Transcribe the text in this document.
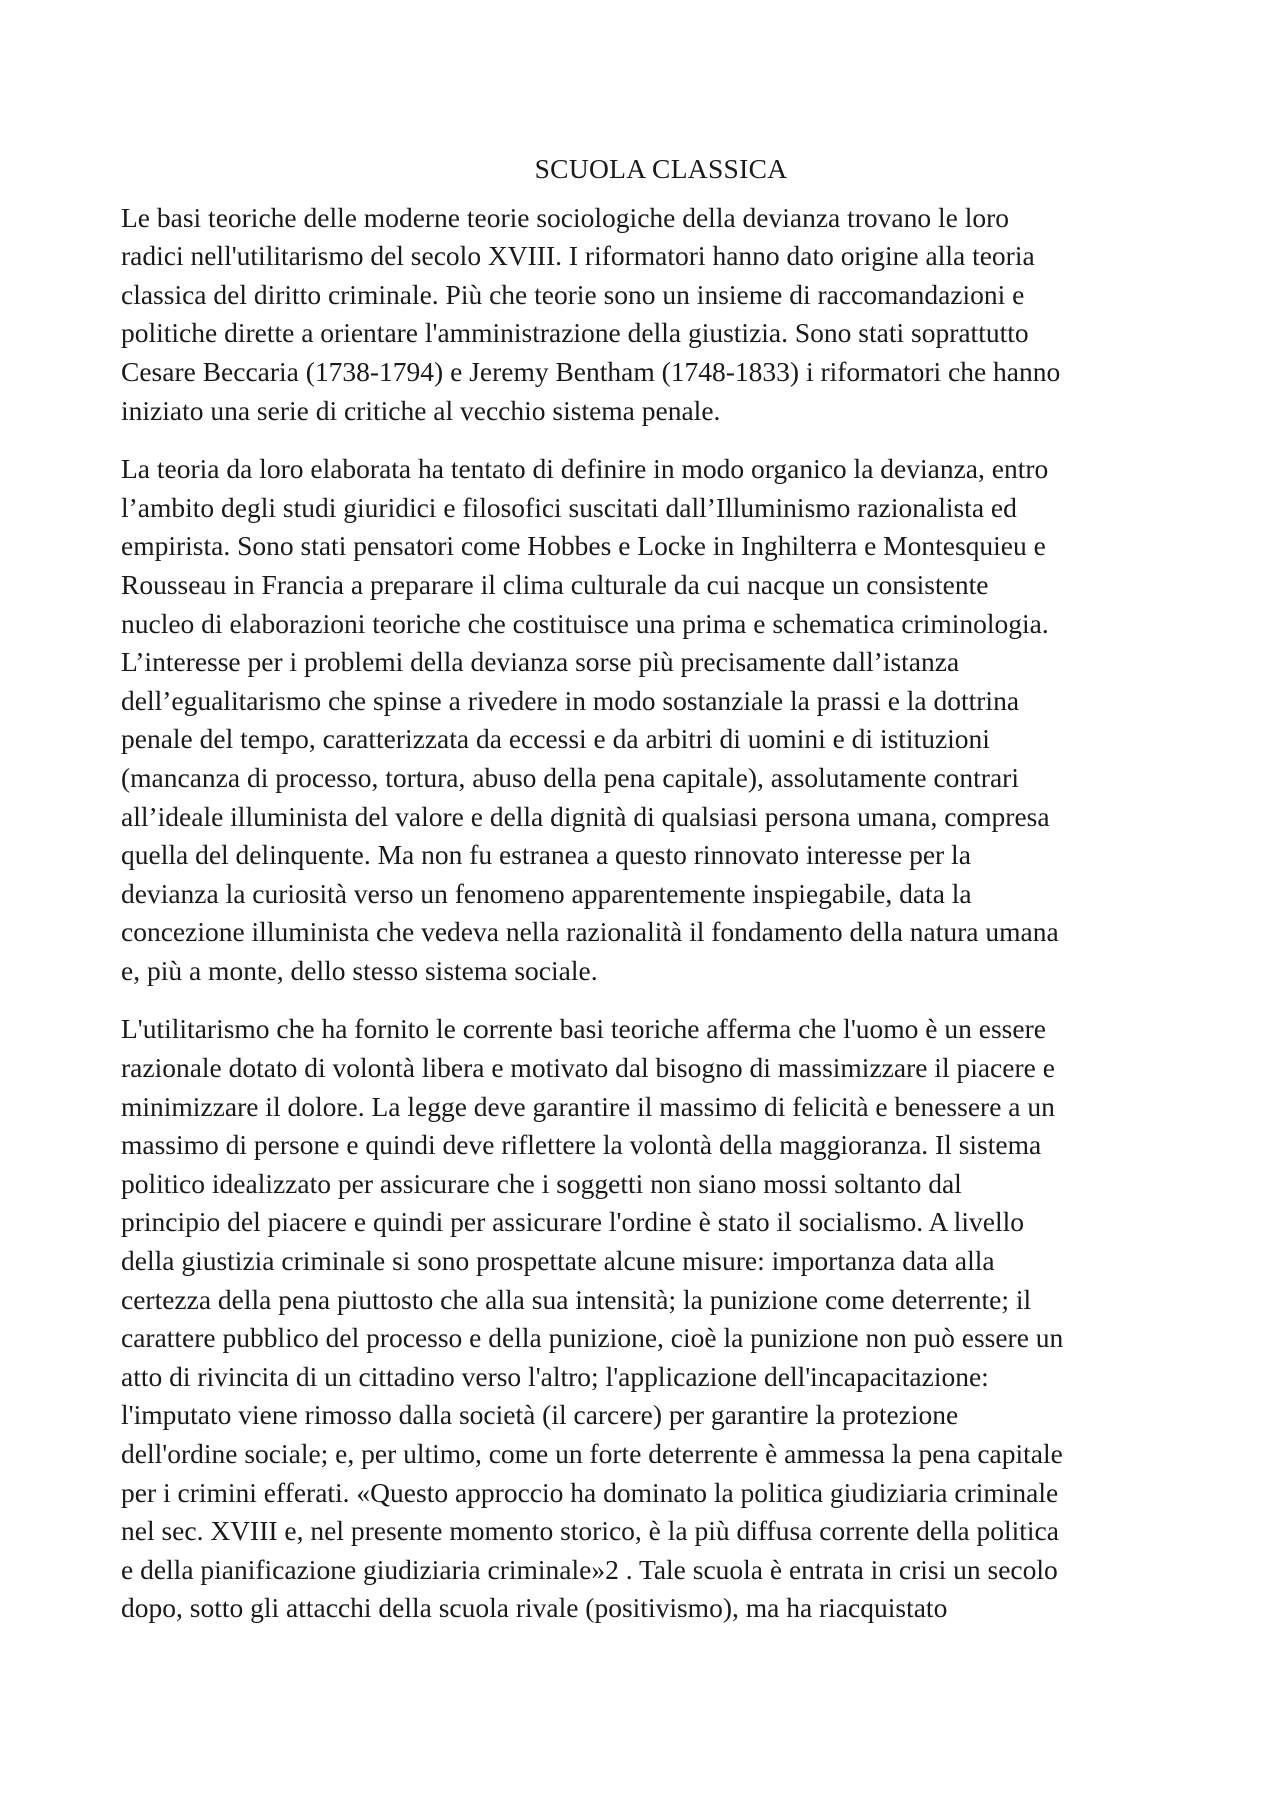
SCUOLA CLASSICA

Le basi teoriche delle moderne teorie sociologiche della devianza trovano le loro
radici nell'utilitarismo del secolo XVIII. I riformatori hanno dato origine alla teoria
classica del diritto criminale. Più che teorie sono un insieme di raccomandazioni e
politiche dirette a orientare l'amministrazione della giustizia. Sono stati soprattutto
Cesare Beccaria (1738-1794) e Jeremy Bentham (1748-1833) i riformatori che hanno
iniziato una serie di critiche al vecchio sistema penale.

La teoria da loro elaborata ha tentato di definire in modo organico la devianza, entro
l’ambito degli studi giuridici e filosofici suscitati dall’Illuminismo razionalista ed
empirista. Sono stati pensatori come Hobbes e Locke in Inghilterra e Montesquieu e
Rousseau in Francia a preparare il clima culturale da cui nacque un consistente
nucleo di elaborazioni teoriche che costituisce una prima e schematica criminologia.
L’interesse per i problemi della devianza sorse più precisamente dall’istanza
dell’egualitarismo che spinse a rivedere in modo sostanziale la prassi e la dottrina
penale del tempo, caratterizzata da eccessi e da arbitri di uomini e di istituzioni
(mancanza di processo, tortura, abuso della pena capitale), assolutamente contrari
all’ideale illuminista del valore e della dignità di qualsiasi persona umana, compresa
quella del delinquente. Ma non fu estranea a questo rinnovato interesse per la
devianza la curiosità verso un fenomeno apparentemente inspiegabile, data la
concezione illuminista che vedeva nella razionalità il fondamento della natura umana
e, più a monte, dello stesso sistema sociale.

L'utilitarismo che ha fornito le corrente basi teoriche afferma che l'uomo è un essere
razionale dotato di volontà libera e motivato dal bisogno di massimizzare il piacere e
minimizzare il dolore. La legge deve garantire il massimo di felicità e benessere a un
massimo di persone e quindi deve riflettere la volontà della maggioranza. Il sistema
politico idealizzato per assicurare che i soggetti non siano mossi soltanto dal
principio del piacere e quindi per assicurare l'ordine è stato il socialismo. A livello
della giustizia criminale si sono prospettate alcune misure: importanza data alla
certezza della pena piuttosto che alla sua intensità; la punizione come deterrente; il
carattere pubblico del processo e della punizione, cioè la punizione non può essere un
atto di rivincita di un cittadino verso l'altro; l'applicazione dell'incapacitazione:
l'imputato viene rimosso dalla società (il carcere) per garantire la protezione
dell'ordine sociale; e, per ultimo, come un forte deterrente è ammessa la pena capitale
per i crimini efferati. «Questo approccio ha dominato la politica giudiziaria criminale
nel sec. XVIII e, nel presente momento storico, è la più diffusa corrente della politica
e della pianificazione giudiziaria criminale»2 . Tale scuola è entrata in crisi un secolo
dopo, sotto gli attacchi della scuola rivale (positivismo), ma ha riacquistato
